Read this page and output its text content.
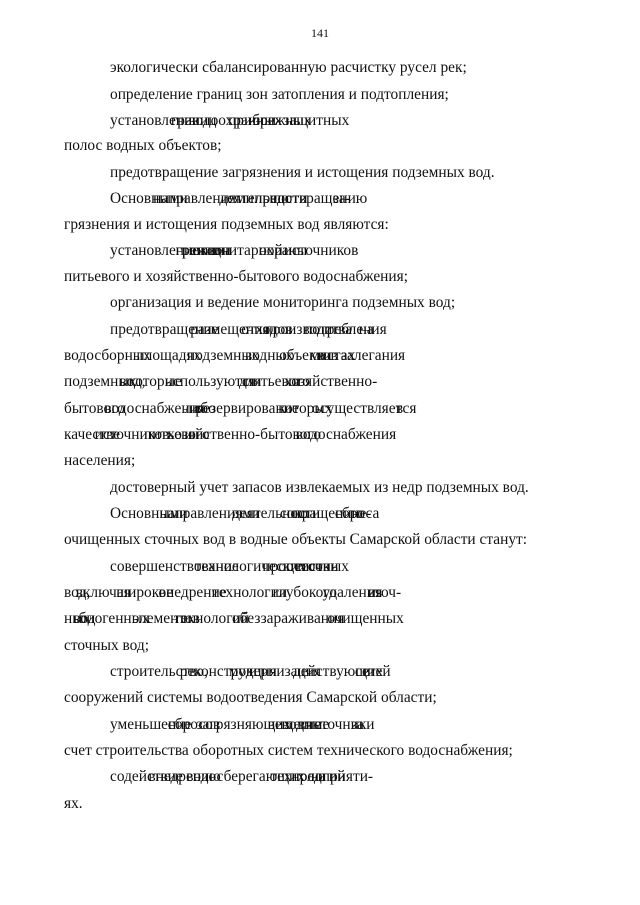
141
экологически сбалансированную расчистку русел рек;
определение границ зон затопления и подтопления;
установление границ водоохранных зон и прибрежных защитных
полос водных объектов;
предотвращение загрязнения и истощения подземных вод.
Основными направлениями деятельности по предотвращению за-
грязнения и истощения подземных вод являются:
установление границ и режима зон санитарной охраны источников
питьевого и хозяйственно-бытового водоснабжения;
организация и ведение мониторинга подземных вод;
предотвращение размещения отходов производства и потребления на
водосборных площадях подземных водных объектов и в местах залегания
подземных вод, которые используются для питьевого и хозяйственно-
бытового водоснабжения либо резервирование которых осуществляется в
качестве источников питьевого и хозяйственно-бытового водоснабжения
населения;
достоверный учет запасов извлекаемых из недр подземных вод.
Основными направлениями деятельности по сокращению сброса не-
очищенных сточных вод в водные объекты Самарской области станут:
совершенствование технологических процессов очистки сточных
вод, включая широкое внедрение технологии глубокого удаления из сточ-
ных вод биогенных элементов и технологий обеззараживания очищенных
сточных вод;
строительство, реконструкция и модернизация действующих сетей и
сооружений системы водоотведения Самарской области;
уменьшение сбросов загрязняющих веществ в водные источники за
счет строительства оборотных систем технического водоснабжения;
содействие внедрению водосберегающих технологий на предприяти-
ях.
